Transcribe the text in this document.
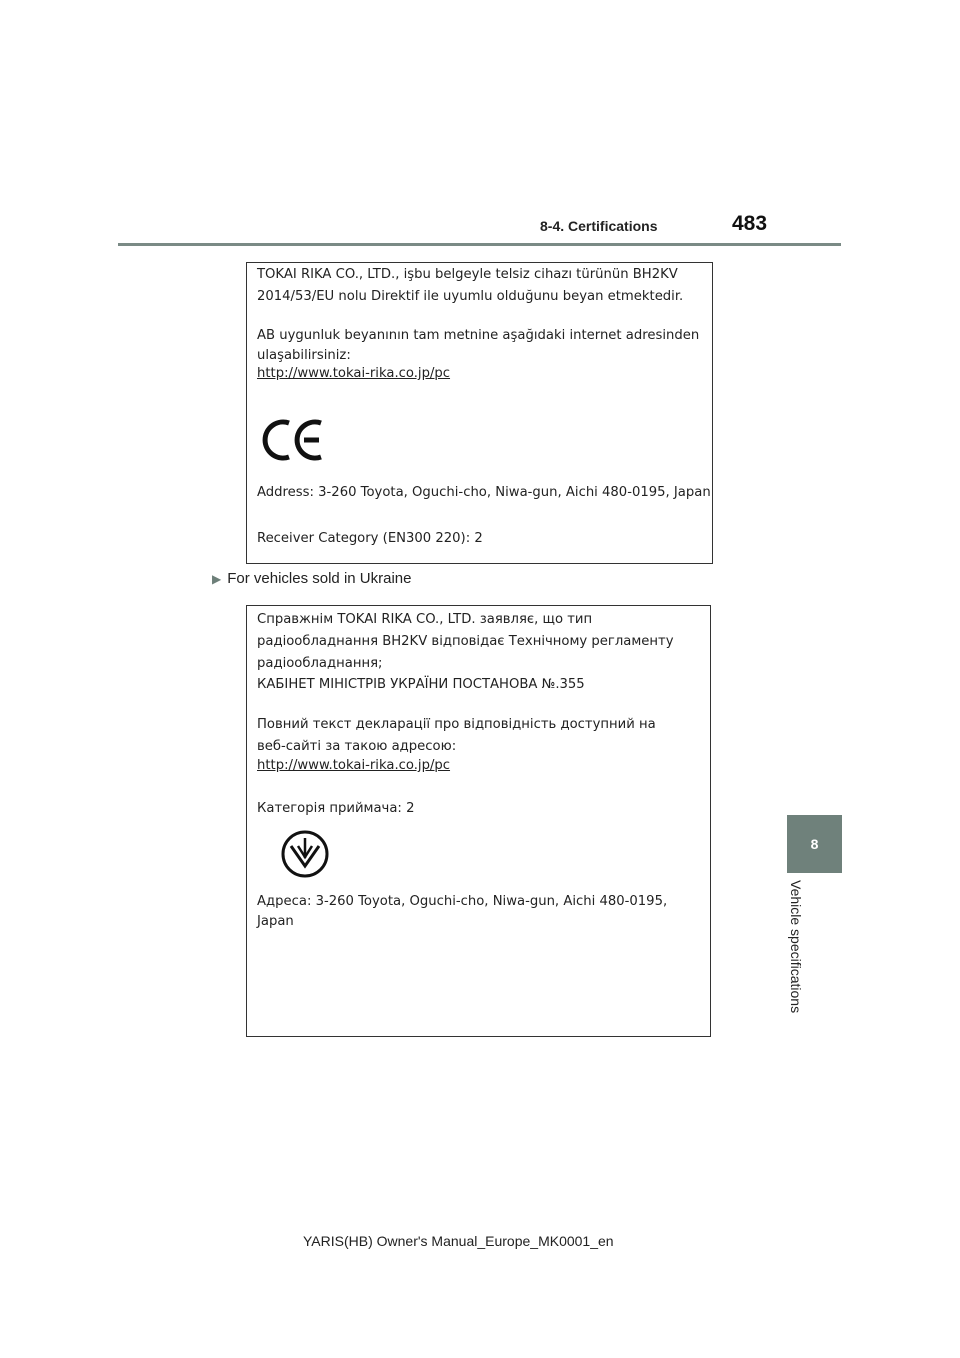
8-4. Certifications	483

TOKAI RIKA CO., LTD., işbu belgeyle telsiz cihazı türünün BH2KV

2014/53/EU nolu Direktif ile uyumlu olduğunu beyan etmektedir.

AB uygunluk beyanının tam metnine aşağıdaki internet adresinden

ulaşabilirsiniz:

http://www.tokai-rika.co.jp/pc

Address: 3-260 Toyota, Oguchi-cho, Niwa-gun, Aichi 480-0195, Japan

Receiver Category (EN300 220): 2

▶ For vehicles sold in Ukraine

Справжнім TOKAI RIKA CO., LTD. заявляє, що тип

радіообладнання BH2KV відповідає Технічному регламенту

радіообладнання;

КАБІНЕТ МІНІСТРІВ УКРАЇНИ ПОСТАНОВА №.355

Повний текст декларації про відповідність доступний на

веб-сайті за такою адресою:

http://www.tokai-rika.co.jp/pc

Категорія приймача: 2

Адреса: 3-260 Toyota, Oguchi-cho, Niwa-gun, Aichi 480-0195,

Japan

8
Vehicle specifications
YARIS(HB) Owner's Manual_Europe_MK0001_en
